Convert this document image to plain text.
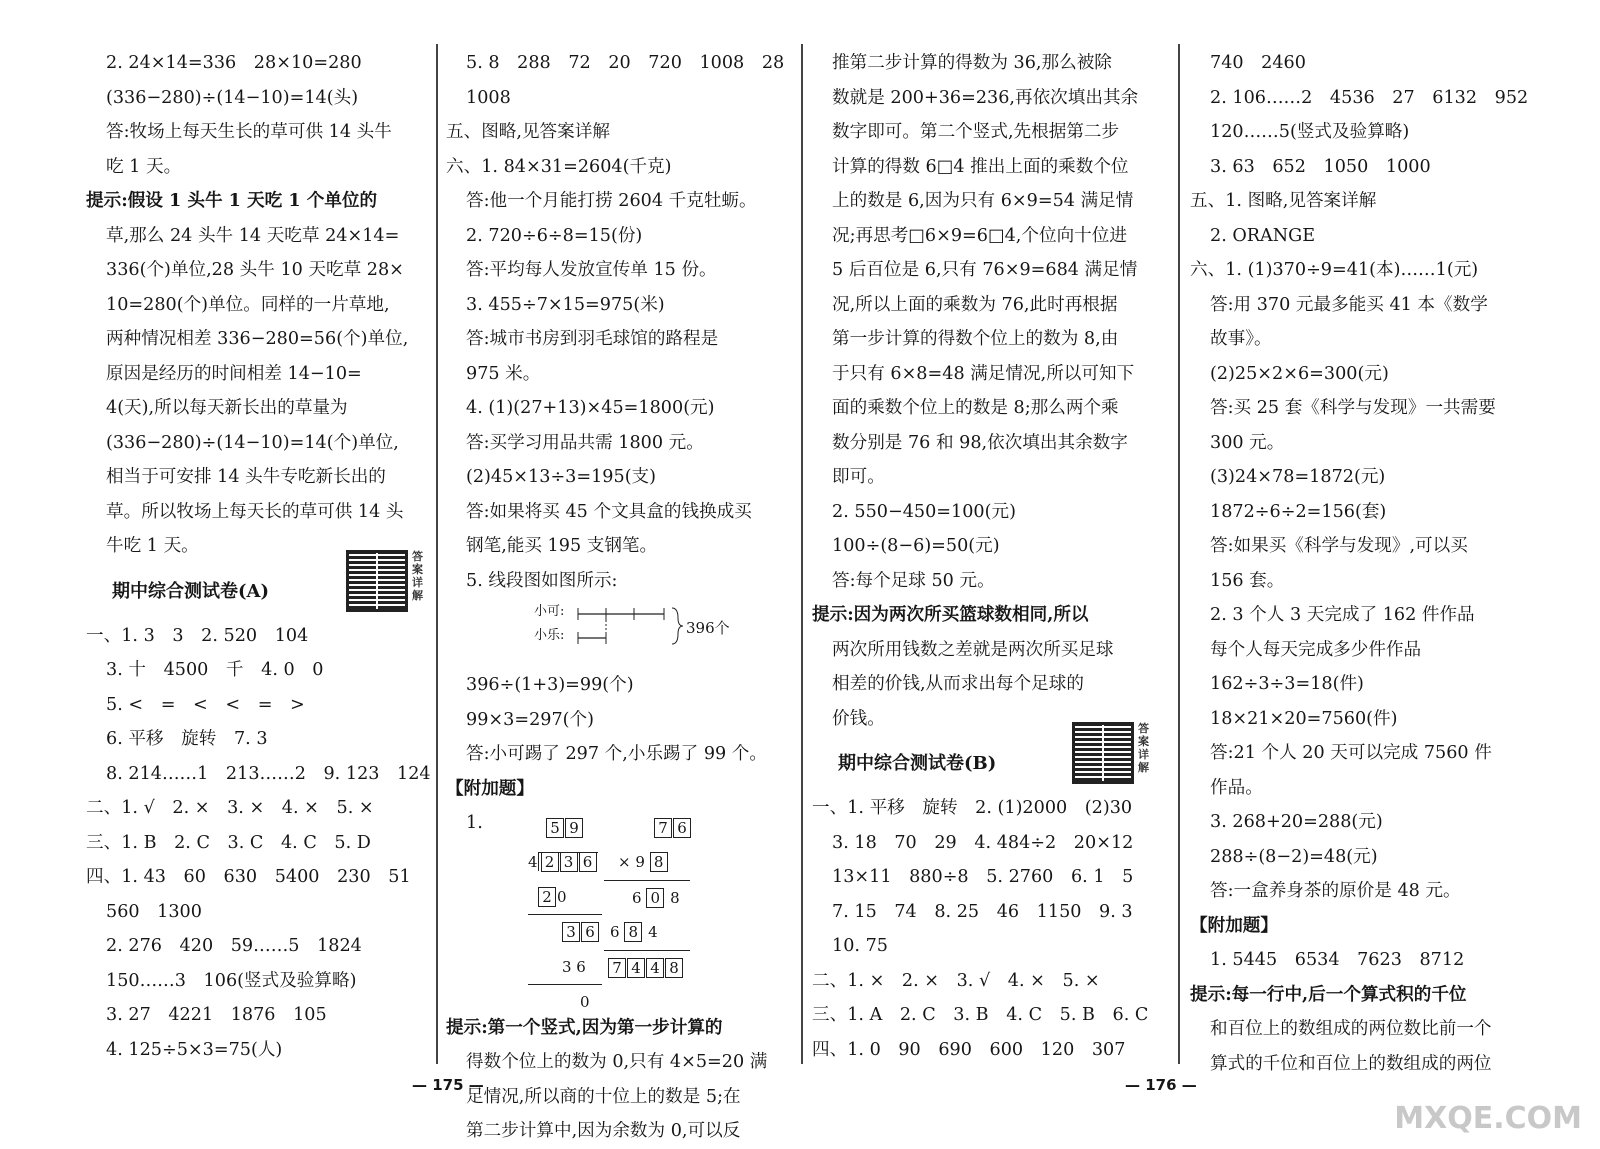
2. 24×14=336　28×10=280
(336−280)÷(14−10)=14(头)
答:牧场上每天生长的草可供 14 头牛
吃 1 天。
提示:假设 1 头牛 1 天吃 1 个单位的
草,那么 24 头牛 14 天吃草 24×14=
336(个)单位,28 头牛 10 天吃草 28×
10=280(个)单位。同样的一片草地,
两种情况相差 336−280=56(个)单位,
原因是经历的时间相差 14−10=
4(天),所以每天新长出的草量为
(336−280)÷(14−10)=14(个)单位,
相当于可安排 14 头牛专吃新长出的
草。所以牧场上每天长的草可供 14 头
牛吃 1 天。
期中综合测试卷(A)
答案详解
一、1. 3　3　2. 520　104
3. 十　4500　千　4. 0　0
5. <　=　<　<　=　>
6. 平移　旋转　7. 3
8. 214……1　213……2　9. 123　124
二、1. √　2. ×　3. ×　4. ×　5. ×
三、1. B　2. C　3. C　4. C　5. D
四、1. 43　60　630　5400　230　51
560　1300
2. 276　420　59……5　1824
150……3　106(竖式及验算略)
3. 27　4221　1876　105
4. 125÷5×3=75(人)
5. 8　288　72　20　720　1008　28
1008
五、图略,见答案详解
六、1. 84×31=2604(千克)
答:他一个月能打捞 2604 千克牡蛎。
2. 720÷6÷8=15(份)
答:平均每人发放宣传单 15 份。
3. 455÷7×15=975(米)
答:城市书房到羽毛球馆的路程是
975 米。
4. (1)(27+13)×45=1800(元)
答:买学习用品共需 1800 元。
(2)45×13÷3=195(支)
答:如果将买 45 个文具盒的钱换成买
钢笔,能买 195 支钢笔。
5. 线段图如图所示:
小可:
小乐:	396个
396÷(1+3)=99(个)
99×3=297(个)
答:小可踢了 297 个,小乐踢了 99 个。
【附加题】
1.	5 9
4 2 3 6
2 0
3 6
3 6
0
7 6
× 9 8
6 0 8
6 8 4
7 4 4 8
提示:第一个竖式,因为第一步计算的
得数个位上的数为 0,只有 4×5=20 满
足情况,所以商的十位上的数是 5;在
第二步计算中,因为余数为 0,可以反
推第二步计算的得数为 36,那么被除
数就是 200+36=236,再依次填出其余
数字即可。第二个竖式,先根据第二步
计算的得数 6□4 推出上面的乘数个位
上的数是 6,因为只有 6×9=54 满足情
况;再思考□6×9=6□4,个位向十位进
5 后百位是 6,只有 76×9=684 满足情
况,所以上面的乘数为 76,此时再根据
第一步计算的得数个位上的数为 8,由
于只有 6×8=48 满足情况,所以可知下
面的乘数个位上的数是 8;那么两个乘
数分别是 76 和 98,依次填出其余数字
即可。
2. 550−450=100(元)
100÷(8−6)=50(元)
答:每个足球 50 元。
提示:因为两次所买篮球数相同,所以
两次所用钱数之差就是两次所买足球
相差的价钱,从而求出每个足球的
价钱。
期中综合测试卷(B)
答案详解
一、1. 平移　旋转　2. (1)2000　(2)30
3. 18　70　29　4. 484÷2　20×12
13×11　880÷8　5. 2760　6. 1　5
7. 15　74　8. 25　46　1150　9. 3
10. 75
二、1. ×　2. ×　3. √　4. ×　5. ×
三、1. A　2. C　3. B　4. C　5. B　6. C
四、1. 0　90　690　600　120　307
740　2460
2. 106……2　4536　27　6132　952
120……5(竖式及验算略)
3. 63　652　1050　1000
五、1. 图略,见答案详解
2. ORANGE
六、1. (1)370÷9=41(本)……1(元)
答:用 370 元最多能买 41 本《数学
故事》。
(2)25×2×6=300(元)
答:买 25 套《科学与发现》一共需要
300 元。
(3)24×78=1872(元)
1872÷6÷2=156(套)
答:如果买《科学与发现》,可以买
156 套。
2. 3 个人 3 天完成了 162 件作品
每个人每天完成多少件作品
162÷3÷3=18(件)
18×21×20=7560(件)
答:21 个人 20 天可以完成 7560 件
作品。
3. 268+20=288(元)
288÷(8−2)=48(元)
答:一盒养身茶的原价是 48 元。
【附加题】
1. 5445　6534　7623　8712
提示:每一行中,后一个算式积的千位
和百位上的数组成的两位数比前一个
算式的千位和百位上的数组成的两位
— 175 —	— 176 —
MXQE.COM
